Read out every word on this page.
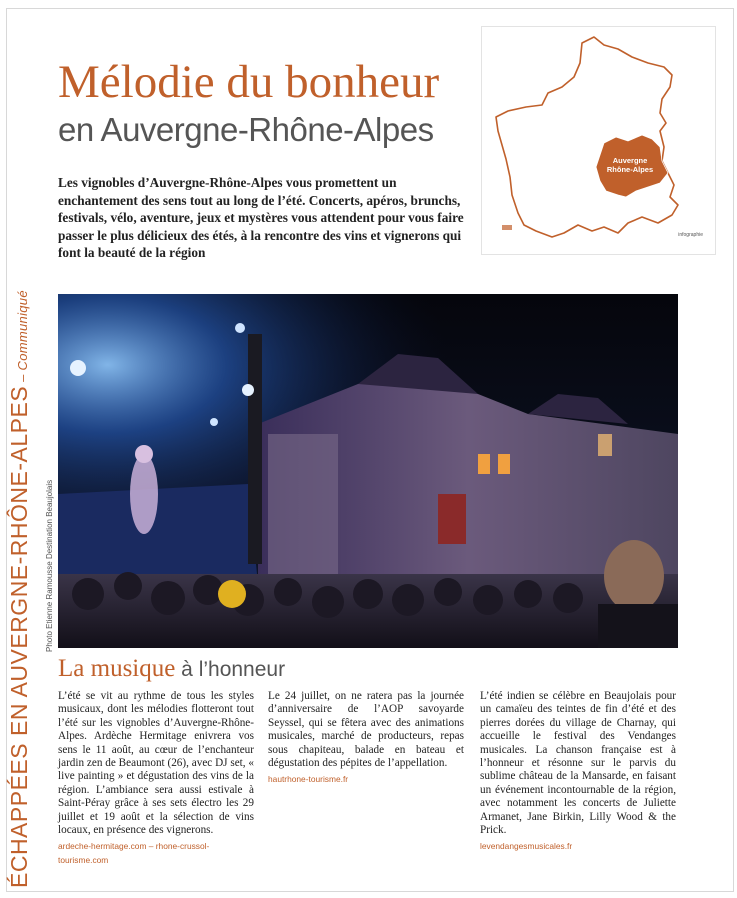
ÉCHAPPÉES EN AUVERGNE-RHÔNE-ALPES – Communiqué
Mélodie du bonheur
en Auvergne-Rhône-Alpes
Les vignobles d’Auvergne-Rhône-Alpes vous promettent un enchantement des sens tout au long de l’été. Concerts, apéros, brunchs, festivals, vélo, aventure, jeux et mystères vous attendent pour vous faire passer le plus délicieux des étés, à la rencontre des vins et vignerons qui font la beauté de la région
Auvergne
Rhône-Alpes
infographie
Photo Etienne Ramousse Destination Beaujolais
La musique à l’honneur

L’été se vit au rythme de tous les styles musicaux, dont les mélodies flotteront tout l’été sur les vignobles d’Auvergne-Rhône-Alpes. Ardèche Hermitage enivrera vos sens le 11 août, au cœur de l’enchanteur jardin zen de Beaumont (26), avec DJ set, « live painting » et dégustation des vins de la région. L’ambiance sera aussi estivale à Saint-Péray grâce à ses sets électro les 29 juillet et 19 août et la sélection de vins locaux, en présence des vignerons.

ardeche-hermitage.com – rhone-crussol-tourisme.com

Le 24 juillet, on ne ratera pas la journée d’anniversaire de l’AOP savoyarde Seyssel, qui se fêtera avec des animations musicales, marché de producteurs, repas sous chapiteau, balade en bateau et dégustation des pépites de l’appellation.

hautrhone-tourisme.fr

L’été indien se célèbre en Beaujolais pour un camaïeu des teintes de fin d’été et des pierres dorées du village de Charnay, qui accueille le festival des Vendanges musicales. La chanson française est à l’honneur et résonne sur le parvis du sublime château de la Mansarde, en faisant un événement incontournable de la région, avec notamment les concerts de Juliette Armanet, Jane Birkin, Lilly Wood & the Prick.

levendangesmusicales.fr
